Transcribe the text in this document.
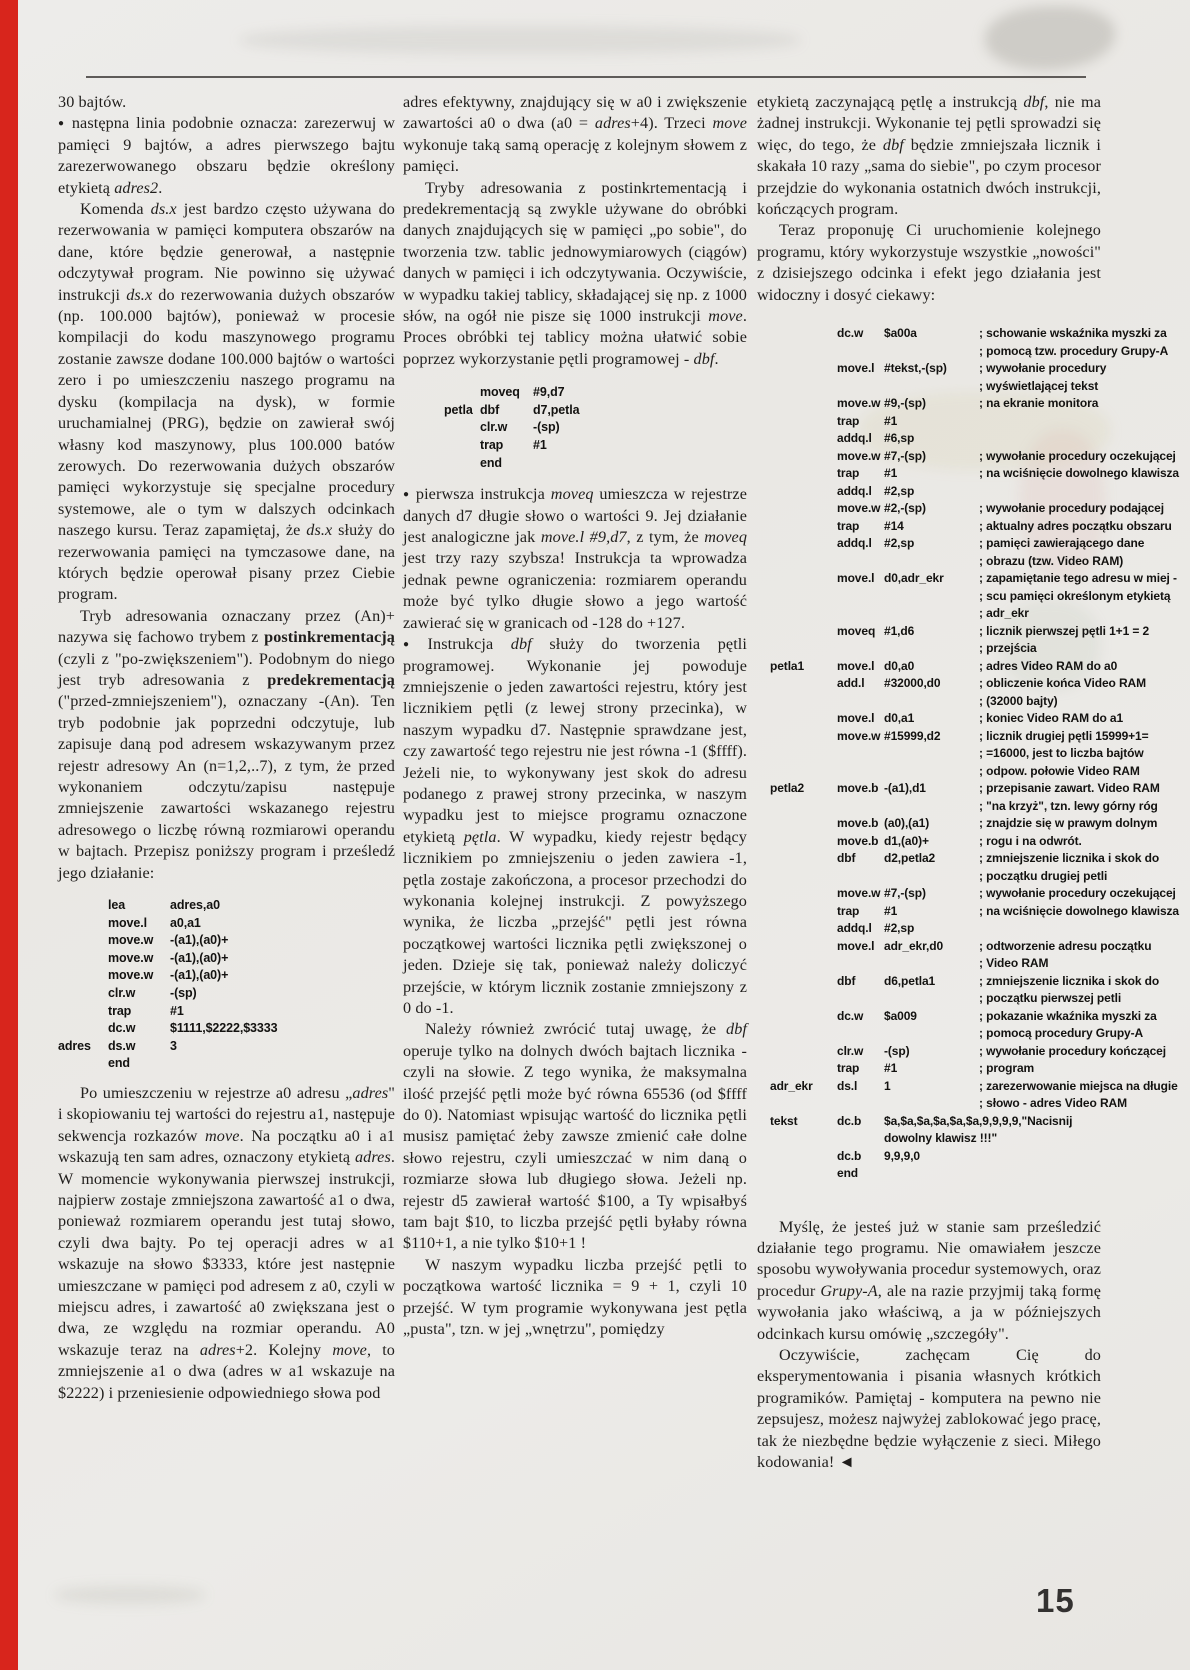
30 bajtów.

● następna linia podobnie oznacza: zarezerwuj w pamięci 9 bajtów, a adres pierwszego bajtu zarezerwowanego obszaru będzie określony etykietą adres2.

Komenda ds.x jest bardzo często używana do rezerwowania w pamięci komputera obszarów na dane, które będzie generował, a następnie odczytywał program. Nie powinno się używać instrukcji ds.x do rezerwowania dużych obszarów (np. 100.000 bajtów), ponieważ w procesie kompilacji do kodu maszynowego programu zostanie zawsze dodane 100.000 bajtów o wartości zero i po umieszczeniu naszego programu na dysku (kompilacja na dysk), w formie uruchamialnej (PRG), będzie on zawierał swój własny kod maszynowy, plus 100.000 batów zerowych. Do rezerwowania dużych obszarów pamięci wykorzystuje się specjalne procedury systemowe, ale o tym w dalszych odcinkach naszego kursu. Teraz zapamiętaj, że ds.x służy do rezerwowania pamięci na tymczasowe dane, na których będzie operował pisany przez Ciebie program.

Tryb adresowania oznaczany przez (An)+ nazywa się fachowo trybem z postinkrementacją (czyli z "po-zwiększeniem"). Podobnym do niego jest tryb adresowania z predekrementacją ("przed-zmniejszeniem"), oznaczany -(An). Ten tryb podobnie jak poprzedni odczytuje, lub zapisuje daną pod adresem wskazywanym przez rejestr adresowy An (n=1,2,..7), z tym, że przed wykonaniem odczytu/zapisu następuje zmniejszenie zawartości wskazanego rejestru adresowego o liczbę równą rozmiarowi operandu w bajtach. Przepisz poniższy program i prześledź jego działanie:

lea	adres,a0
move.l	a0,a1
move.w	-(a1),(a0)+
move.w	-(a1),(a0)+
move.w	-(a1),(a0)+
clr.w	-(sp)
trap	#1
dc.w	$1111,$2222,$3333
adres	ds.w	3
end

Po umieszczeniu w rejestrze a0 adresu „adres" i skopiowaniu tej wartości do rejestru a1, następuje sekwencja rozkazów move. Na początku a0 i a1 wskazują ten sam adres, oznaczony etykietą adres. W momencie wykonywania pierwszej instrukcji, najpierw zostaje zmniejszona zawartość a1 o dwa, ponieważ rozmiarem operandu jest tutaj słowo, czyli dwa bajty. Po tej operacji adres w a1 wskazuje na słowo $3333, które jest następnie umieszczane w pamięci pod adresem z a0, czyli w miejscu adres, i zawartość a0 zwiększana jest o dwa, ze względu na rozmiar operandu. A0 wskazuje teraz na adres+2. Kolejny move, to zmniejszenie a1 o dwa (adres w a1 wskazuje na $2222) i przeniesienie odpowiedniego słowa pod

adres efektywny, znajdujący się w a0 i zwiększenie zawartości a0 o dwa (a0 = adres+4). Trzeci move wykonuje taką samą operację z kolejnym słowem z pamięci.

Tryby adresowania z postinkrtementacją i predekrementacją są zwykle używane do obróbki danych znajdujących się w pamięci „po sobie", do tworzenia tzw. tablic jednowymiarowych (ciągów) danych w pamięci i ich odczytywania. Oczywiście, w wypadku takiej tablicy, składającej się np. z 1000 słów, na ogół nie pisze się 1000 instrukcji move. Proces obróbki tej tablicy można ułatwić sobie poprzez wykorzystanie pętli programowej - dbf.

moveq	#9,d7
petla dbf	d7,petla
clr.w	-(sp)
trap	#1
end

● pierwsza instrukcja moveq umieszcza w rejestrze danych d7 długie słowo o wartości 9. Jej działanie jest analogiczne jak move.l #9,d7, z tym, że moveq jest trzy razy szybsza! Instrukcja ta wprowadza jednak pewne ograniczenia: rozmiarem operandu może być tylko długie słowo a jego wartość zawierać się w granicach od -128 do +127.

● Instrukcja dbf służy do tworzenia pętli programowej. Wykonanie jej powoduje zmniejszenie o jeden zawartości rejestru, który jest licznikiem pętli (z lewej strony przecinka), w naszym wypadku d7. Następnie sprawdzane jest, czy zawartość tego rejestru nie jest równa -1 ($ffff). Jeżeli nie, to wykonywany jest skok do adresu podanego z prawej strony przecinka, w naszym wypadku jest to miejsce programu oznaczone etykietą pętla. W wypadku, kiedy rejestr będący licznikiem po zmniejszeniu o jeden zawiera -1, pętla zostaje zakończona, a procesor przechodzi do wykonania kolejnej instrukcji. Z powyższego wynika, że liczba „przejść" pętli jest równa początkowej wartości licznika pętli zwiększonej o jeden. Dzieje się tak, ponieważ należy doliczyć przejście, w którym licznik zostanie zmniejszony z 0 do -1.

Należy również zwrócić tutaj uwagę, że dbf operuje tylko na dolnych dwóch bajtach licznika - czyli na słowie. Z tego wynika, że maksymalna ilość przejść pętli może być równa 65536 (od $ffff do 0). Natomiast wpisując wartość do licznika pętli musisz pamiętać żeby zawsze zmienić całe dolne słowo rejestru, czyli umieszczać w nim daną o rozmiarze słowa lub długiego słowa. Jeżeli np. rejestr d5 zawierał wartość $100, a Ty wpisałbyś tam bajt $10, to liczba przejść pętli byłaby równa $110+1, a nie tylko $10+1 !

W naszym wypadku liczba przejść pętli to początkowa wartość licznika = 9 + 1, czyli 10 przejść. W tym programie wykonywana jest pętla „pusta", tzn. w jej „wnętrzu", pomiędzy

etykietą zaczynającą pętlę a instrukcją dbf, nie ma żadnej instrukcji. Wykonanie tej pętli sprowadzi się więc, do tego, że dbf będzie zmniejszała licznik i skakała 10 razy „sama do siebie", po czym procesor przejdzie do wykonania ostatnich dwóch instrukcji, kończących program.

Teraz proponuję Ci uruchomienie kolejnego programu, który wykorzystuje wszystkie „nowości" z dzisiejszego odcinka i efekt jego działania jest widoczny i dosyć ciekawy:

dc.w	$a00a	; schowanie wskaźnika myszki za
; pomocą tzw. procedury Grupy-A
move.l #tekst,-(sp)	; wywołanie procedury
; wyświetlającej tekst
move.w #9,-(sp)	; na ekranie monitora
trap	#1
addq.l	#6,sp
move.w #7,-(sp)	; wywołanie procedury oczekującej
trap	#1	; na wciśnięcie dowolnego klawisza
addq.l	#2,sp
move.w #2,-(sp)	; wywołanie procedury podającej
trap	#14	; aktualny adres początku obszaru
addq.l	#2,sp	; pamięci zawierającego dane
; obrazu (tzw. Video RAM)
move.l d0,adr_ekr	; zapamiętanie tego adresu w miej -
; scu pamięci określonym etykietą
; adr_ekr
moveq #1,d6	; licznik pierwszej pętli 1+1 = 2
; przejścia
petla1	move.l d0,a0	; adres Video RAM do a0
add.l	#32000,d0	; obliczenie końca Video RAM
; (32000 bajty)
move.l d0,a1	; koniec Video RAM do a1
move.w #15999,d2	; licznik drugiej pętli 15999+1=
; =16000, jest to liczba bajtów
; odpow. połowie Video RAM
petla2	move.b -(a1),d1	; przepisanie zawart. Video RAM
; "na krzyż", tzn. lewy górny róg
move.b (a0),(a1)	; znajdzie się w prawym dolnym
move.b d1,(a0)+	; rogu i na odwrót.
dbf	d2,petla2	; zmniejszenie licznika i skok do
; początku drugiej petli
move.w #7,-(sp)	; wywołanie procedury oczekującej
trap	#1	; na wciśnięcie dowolnego klawisza
addq.l	#2,sp
move.l adr_ekr,d0	; odtworzenie adresu początku
; Video RAM
dbf	d6,petla1	; zmniejszenie licznika i skok do
; początku pierwszej petli
dc.w	$a009	; pokazanie wkaźnika myszki za
; pomocą procedury Grupy-A
clr.w	-(sp)	; wywołanie procedury kończącej
trap	#1	; program
adr_ekr	ds.l	1	; zarezerwowanie miejsca na długie
; słowo - adres Video RAM
tekst	dc.b	$a,$a,$a,$a,$a,$a,9,9,9,9,"Nacisnij
dowolny klawisz !!!"
dc.b	9,9,9,0
end

Myślę, że jesteś już w stanie sam prześledzić działanie tego programu. Nie omawiałem jeszcze sposobu wywoływania procedur systemowych, oraz procedur Grupy-A, ale na razie przyjmij taką formę wywołania jako właściwą, a ja w późniejszych odcinkach kursu omówię „szczegóły".

Oczywiście, zachęcam Cię do eksperymentowania i pisania własnych krótkich programików. Pamiętaj - komputera na pewno nie zepsujesz, możesz najwyżej zablokować jego pracę, tak że niezbędne będzie wyłączenie z sieci. Miłego kodowania! ◄

15
